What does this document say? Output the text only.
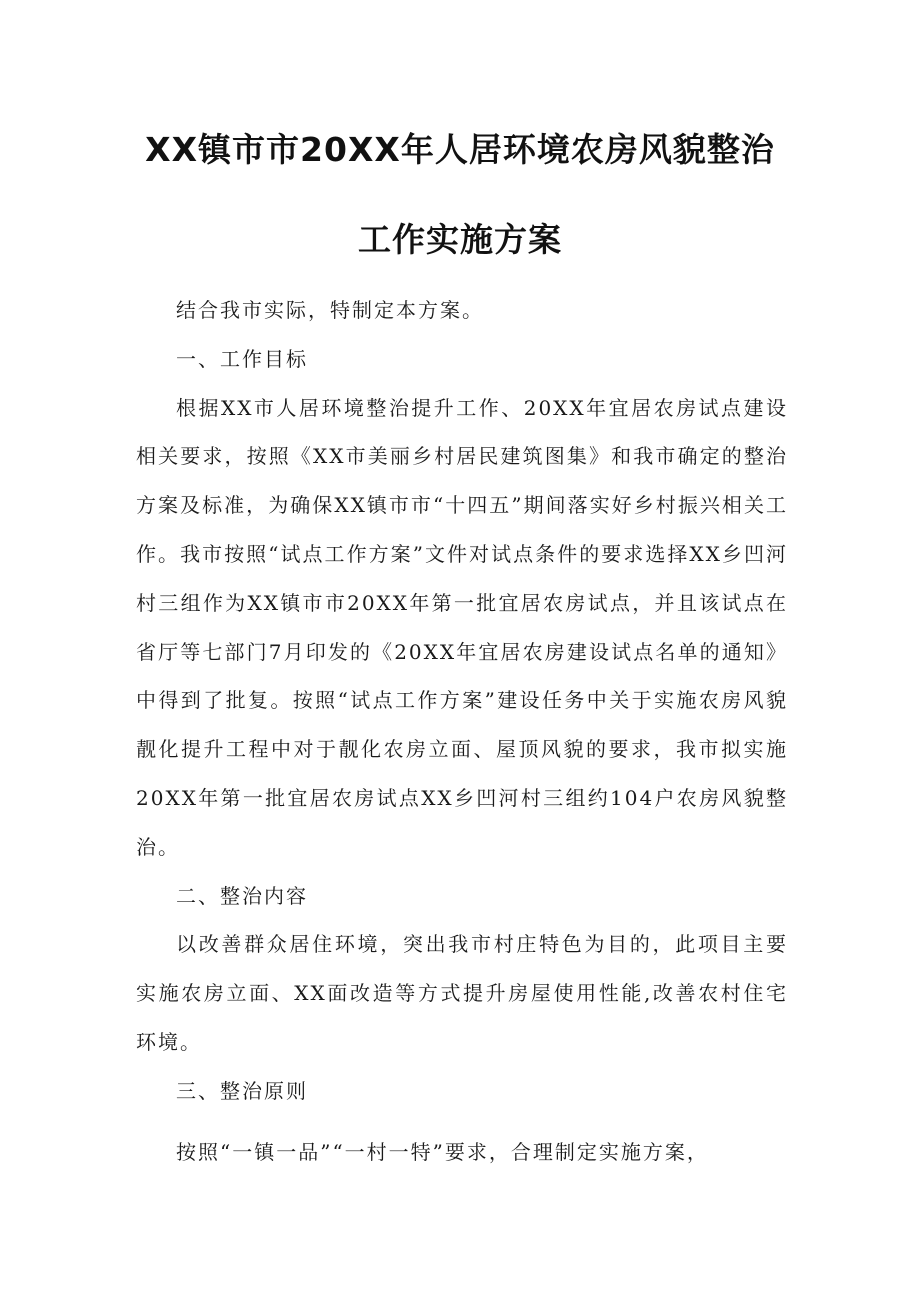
XX镇市市20XX年人居环境农房风貌整治
工作实施方案

结合我市实际，特制定本方案。

一、工作目标

根据XX市人居环境整治提升工作、20XX年宜居农房试点建设相关要求，按照《XX市美丽乡村居民建筑图集》和我市确定的整治方案及标准，为确保XX镇市市“十四五”期间落实好乡村振兴相关工作。我市按照“试点工作方案”文件对试点条件的要求选择XX乡凹河村三组作为XX镇市市20XX年第一批宜居农房试点，并且该试点在省厅等七部门7月印发的《20XX年宜居农房建设试点名单的通知》中得到了批复。按照“试点工作方案”建设任务中关于实施农房风貌靓化提升工程中对于靓化农房立面、屋顶风貌的要求，我市拟实施20XX年第一批宜居农房试点XX乡凹河村三组约104户农房风貌整治。

二、整治内容

以改善群众居住环境，突出我市村庄特色为目的，此项目主要实施农房立面、XX面改造等方式提升房屋使用性能,改善农村住宅环境。

三、整治原则

按照“一镇一品”“一村一特”要求，合理制定实施方案，
